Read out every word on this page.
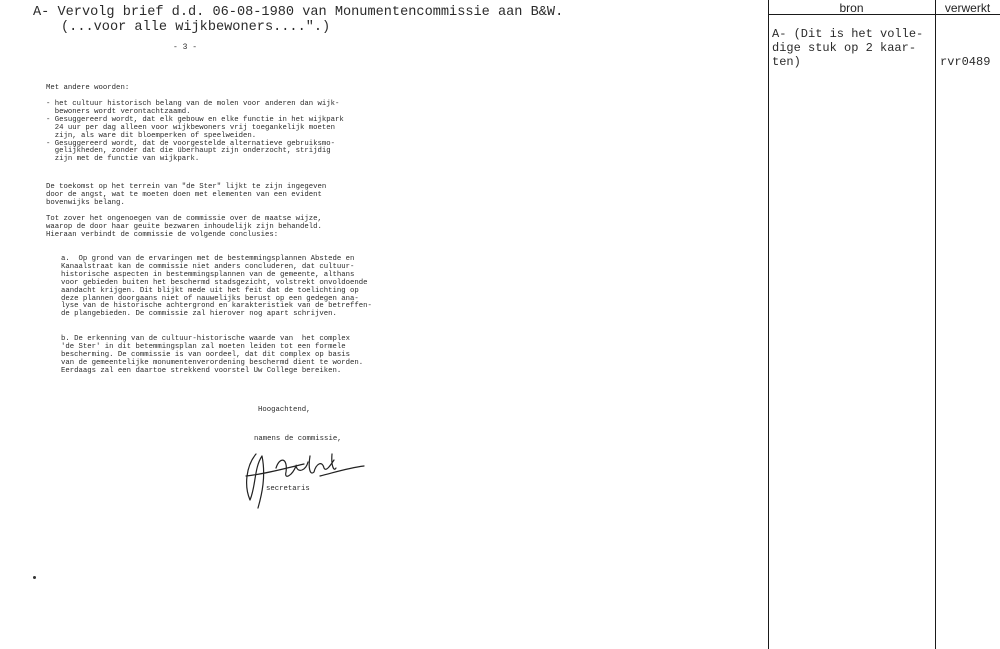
bron	verwerkt
A- (Dit is het volle-
dige stuk op 2 kaar-
ten)	rvr0489
A- Vervolg brief d.d. 06-08-1980 van Monumentencommissie aan B&W.
(...voor alle wijkbewoners....".)
- 3 -
Met andere woorden:
- het cultuur historisch belang van de molen voor anderen dan wijk-
bewoners wordt verontachtzaamd.
- Gesuggereerd wordt, dat elk gebouw en elke functie in het wijkpark
24 uur per dag alleen voor wijkbewoners vrij toegankelijk moeten
zijn, als ware dit bloemperken of speelweiden.
- Gesuggereerd wordt, dat de voorgestelde alternatieve gebruiksmo-
gelijkheden, zonder dat die überhaupt zijn onderzocht, strijdig
zijn met de functie van wijkpark.
De toekomst op het terrein van "de Ster" lijkt te zijn ingegeven
door de angst, wat te moeten doen met elementen van een evident
bovenwijks belang.
Tot zover het ongenoegen van de commissie over de maatse wijze,
waarop de door haar geuite bezwaren inhoudelijk zijn behandeld.
Hieraan verbindt de commissie de volgende conclusies:
a.  Op grond van de ervaringen met de bestemmingsplannen Abstede en
Kanaalstraat kan de commissie niet anders concluderen, dat cultuur-
historische aspecten in bestemmingsplannen van de gemeente, althans
voor gebieden buiten het beschermd stadsgezicht, volstrekt onvoldoende
aandacht krijgen. Dit blijkt mede uit het feit dat de toelichting op
deze plannen doorgaans niet of nauwelijks berust op een gedegen ana-
lyse van de historische achtergrond en karakteristiek van de betreffen-
de plangebieden. De commissie zal hierover nog apart schrijven.
b. De erkenning van de cultuur-historische waarde van  het complex
'de Ster' in dit betemmingsplan zal moeten leiden tot een formele
bescherming. De commissie is van oordeel, dat dit complex op basis
van de gemeentelijke monumentenverordening beschermd dient te worden.
Eerdaags zal een daartoe strekkend voorstel Uw College bereiken.
Hoogachtend,
namens de commissie,
secretaris
